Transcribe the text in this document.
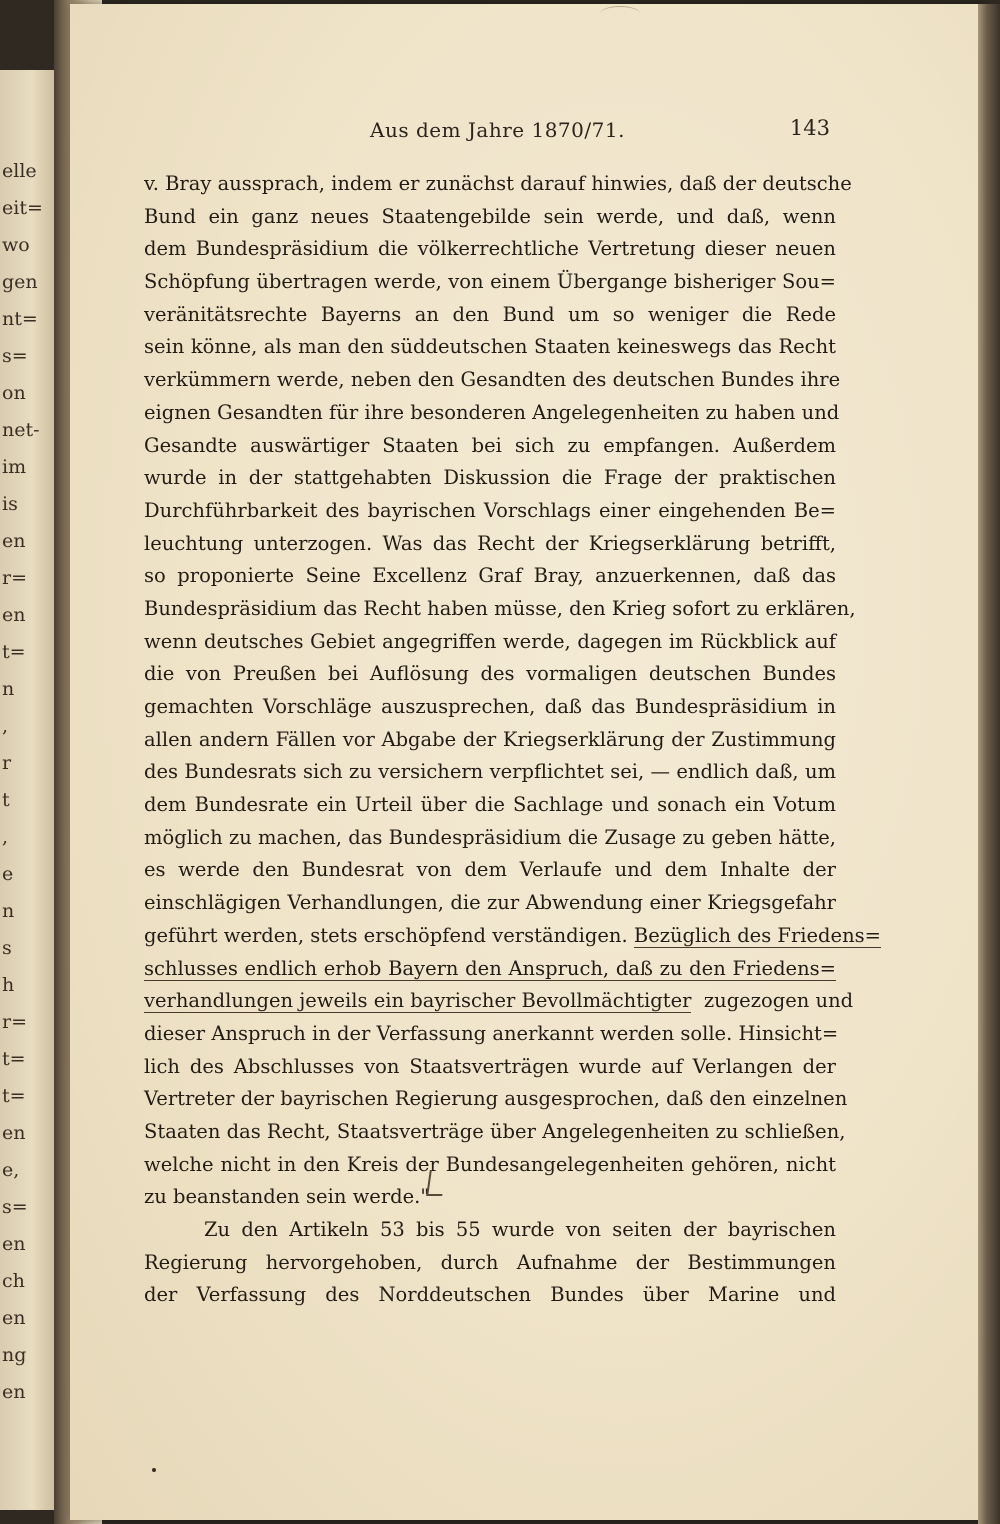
elle
eit=
wo
gen
nt=
s=
on
net-
im
is
en
r=
en
t=
n
,
r
t
,
e
n
s
h
r=
t=
t=
en
e,
s=
en
ch
en
ng
en
Aus dem Jahre 1870/71.	143
v. Bray aussprach, indem er zunächst darauf hinwies, daß der deutsche
Bund ein ganz neues Staatengebilde sein werde, und daß, wenn
dem Bundespräsidium die völkerrechtliche Vertretung dieser neuen
Schöpfung übertragen werde, von einem Übergange bisheriger Sou=
veränitätsrechte Bayerns an den Bund um so weniger die Rede
sein könne, als man den süddeutschen Staaten keineswegs das Recht
verkümmern werde, neben den Gesandten des deutschen Bundes ihre
eignen Gesandten für ihre besonderen Angelegenheiten zu haben und
Gesandte auswärtiger Staaten bei sich zu empfangen. Außerdem
wurde in der stattgehabten Diskussion die Frage der praktischen
Durchführbarkeit des bayrischen Vorschlags einer eingehenden Be=
leuchtung unterzogen. Was das Recht der Kriegserklärung betrifft,
so proponierte Seine Excellenz Graf Bray, anzuerkennen, daß das
Bundespräsidium das Recht haben müsse, den Krieg sofort zu erklären,
wenn deutsches Gebiet angegriffen werde, dagegen im Rückblick auf
die von Preußen bei Auflösung des vormaligen deutschen Bundes
gemachten Vorschläge auszusprechen, daß das Bundespräsidium in
allen andern Fällen vor Abgabe der Kriegserklärung der Zustimmung
des Bundesrats sich zu versichern verpflichtet sei, — endlich daß, um
dem Bundesrate ein Urteil über die Sachlage und sonach ein Votum
möglich zu machen, das Bundespräsidium die Zusage zu geben hätte,
es werde den Bundesrat von dem Verlaufe und dem Inhalte der
einschlägigen Verhandlungen, die zur Abwendung einer Kriegsgefahr
geführt werden, stets erschöpfend verständigen. Bezüglich des Friedens=
schlusses endlich erhob Bayern den Anspruch, daß zu den Friedens=
verhandlungen jeweils ein bayrischer Bevollmächtigter zugezogen und
dieser Anspruch in der Verfassung anerkannt werden solle. Hinsicht=
lich des Abschlusses von Staatsverträgen wurde auf Verlangen der
Vertreter der bayrischen Regierung ausgesprochen, daß den einzelnen
Staaten das Recht, Staatsverträge über Angelegenheiten zu schließen,
welche nicht in den Kreis der Bundesangelegenheiten gehören, nicht
zu beanstanden sein werde."
Zu den Artikeln 53 bis 55 wurde von seiten der bayrischen
Regierung hervorgehoben, durch Aufnahme der Bestimmungen
der Verfassung des Norddeutschen Bundes über Marine und
